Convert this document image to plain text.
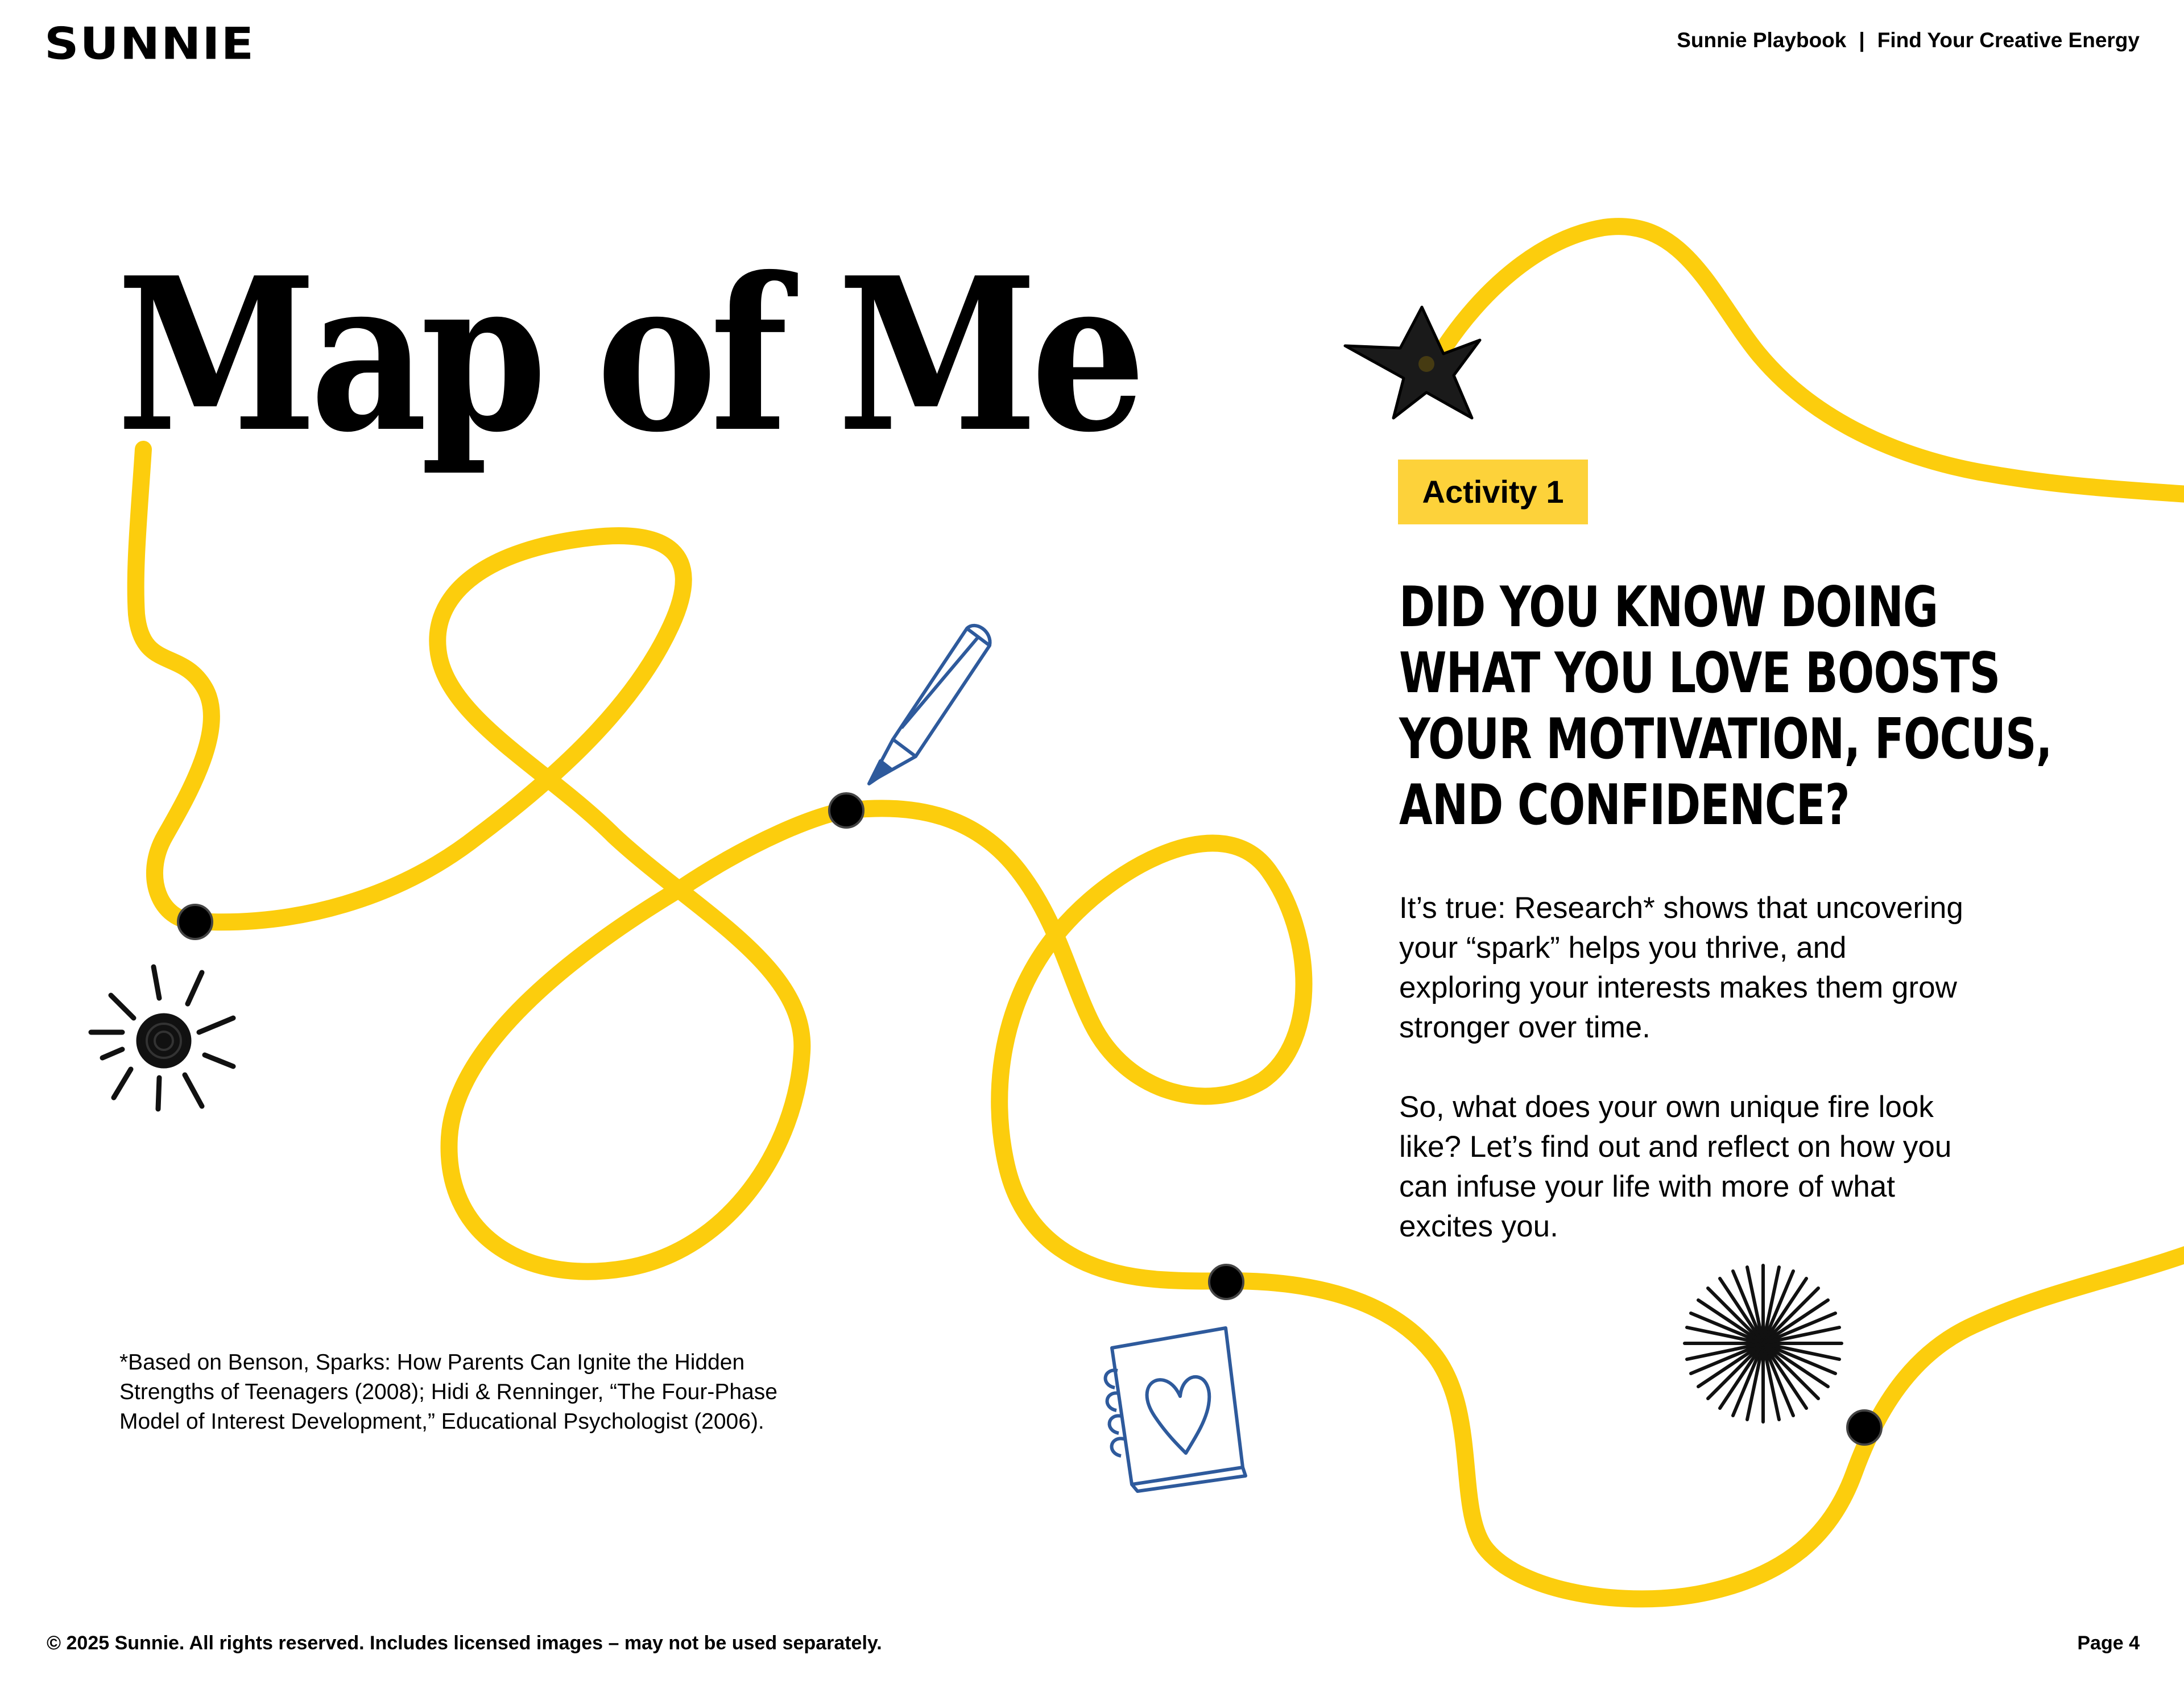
SUNNIE	Sunnie Playbook | Find Your Creative Energy
Map of Me
Activity 1
DID YOU KNOW DOING
WHAT YOU LOVE BOOSTS
YOUR MOTIVATION, FOCUS,
AND CONFIDENCE?
It’s true: Research* shows that uncovering
your “spark” helps you thrive, and
exploring your interests makes them grow
stronger over time.
So, what does your own unique fire look
like? Let’s find out and reflect on how you
can infuse your life with more of what
excites you.
*Based on Benson, Sparks: How Parents Can Ignite the Hidden
Strengths of Teenagers (2008); Hidi & Renninger, “The Four-Phase
Model of Interest Development,” Educational Psychologist (2006).
© 2025 Sunnie. All rights reserved. Includes licensed images – may not be used separately.	Page 4
